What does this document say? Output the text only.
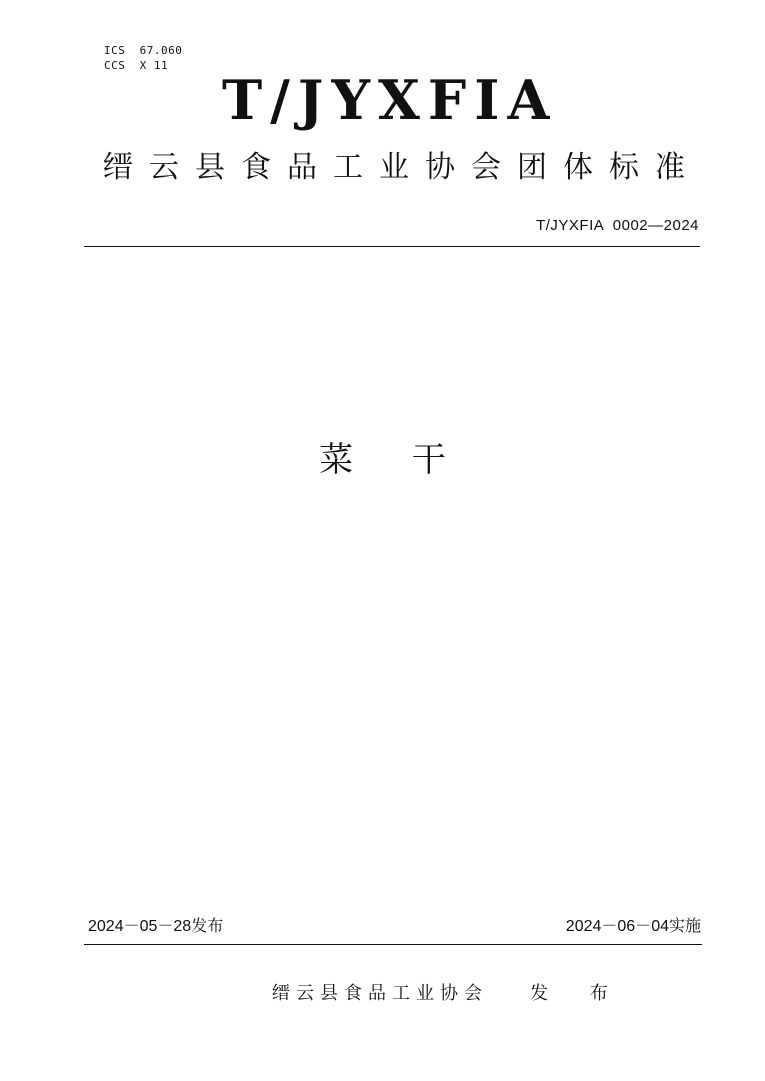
ICS  67.060
CCS  X 11
T/JYXFIA
缙云县食品工业协会团体标准
T/JYXFIA  0002—2024
菜 干
2024－05－28发布	2024－06－04实施
缙云县食品工业协会 发 布
